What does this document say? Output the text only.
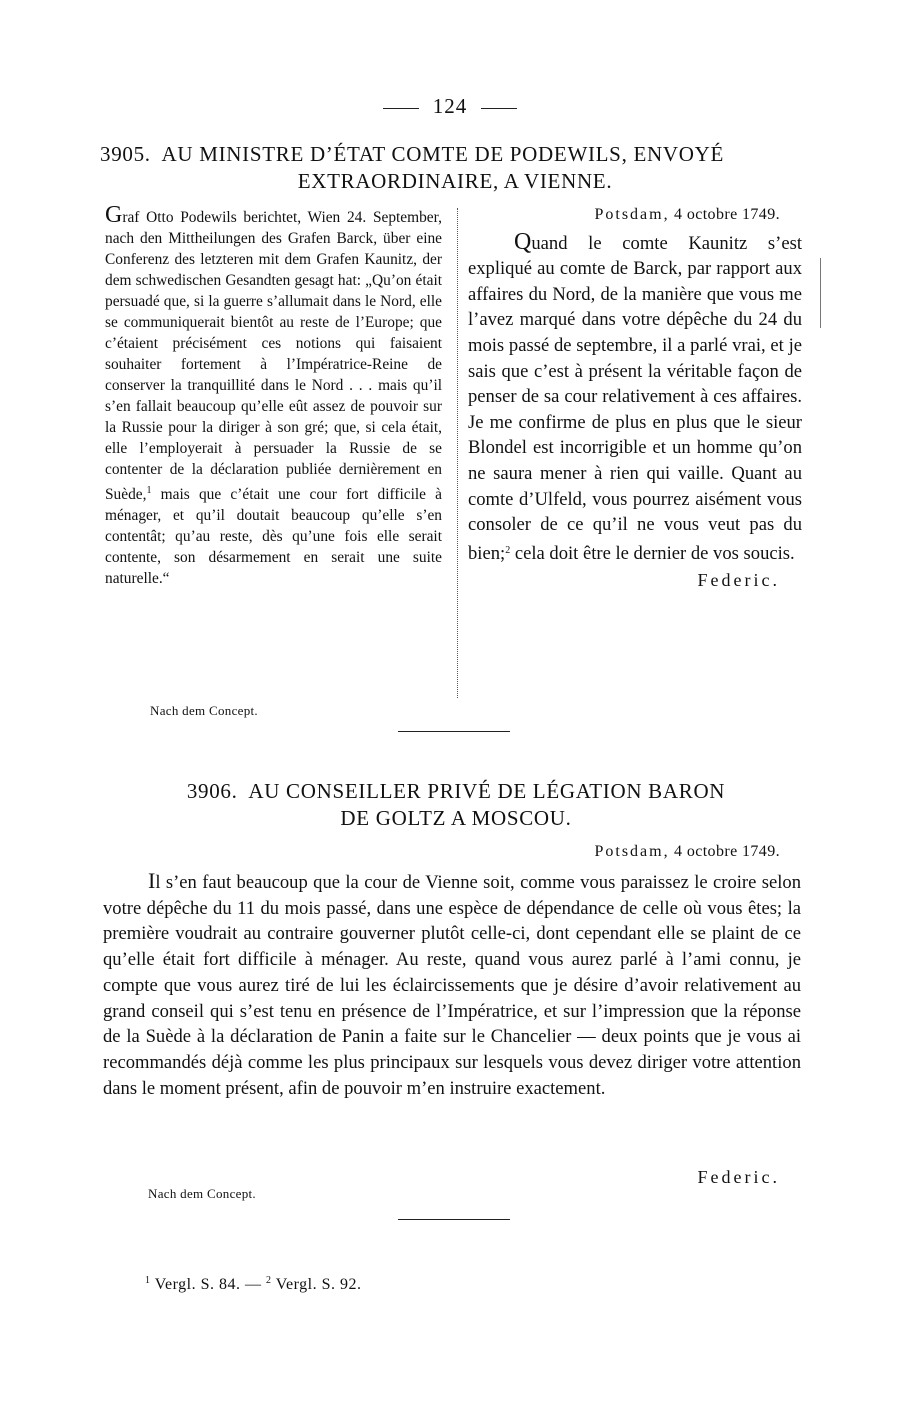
124
3905. AU MINISTRE D’ÉTAT COMTE DE PODEWILS, ENVOYÉ
EXTRAORDINAIRE, A VIENNE.

Graf Otto Podewils berichtet, Wien 24. September, nach den Mittheilungen des Grafen Barck, über eine Conferenz des letzteren mit dem Grafen Kaunitz, der dem schwedischen Gesandten gesagt hat: „Qu’on était persuadé que, si la guerre s’allumait dans le Nord, elle se communiquerait bientôt au reste de l’Europe; que c’étaient précisément ces notions qui faisaient souhaiter fortement à l’Impératrice-Reine de conserver la tranquillité dans le Nord . . . mais qu’il s’en fallait beaucoup qu’elle eût assez de pouvoir sur la Russie pour la diriger à son gré; que, si cela était, elle l’employerait à persuader la Russie de se contenter de la déclaration publiée dernièrement en Suède,$^1$ mais que c’était une cour fort difficile à ménager, et qu’il doutait beaucoup qu’elle s’en contentât; qu’au reste, dès qu’une fois elle serait contente, son désarmement en serait une suite naturelle.“

Potsdam, 4 octobre 1749.

Quand le comte Kaunitz s’est expliqué au comte de Barck, par rapport aux affaires du Nord, de la manière que vous me l’avez marqué dans votre dépêche du 24 du mois passé de septembre, il a parlé vrai, et je sais que c’est à présent la véritable façon de penser de sa cour relativement à ces affaires. Je me confirme de plus en plus que le sieur Blondel est incorrigible et un homme qu’on ne saura mener à rien qui vaille. Quant au comte d’Ulfeld, vous pourrez aisément vous consoler de ce qu’il ne vous veut pas du bien;$^2$ cela doit être le dernier de vos soucis.

Federic.
Nach dem Concept.
3906. AU CONSEILLER PRIVÉ DE LÉGATION BARON
DE GOLTZ A MOSCOU.
Potsdam, 4 octobre 1749.
Il s’en faut beaucoup que la cour de Vienne soit, comme vous paraissez le croire selon votre dépêche du 11 du mois passé, dans une espèce de dépendance de celle où vous êtes; la première voudrait au contraire gouverner plutôt celle-ci, dont cependant elle se plaint de ce qu’elle était fort difficile à ménager. Au reste, quand vous aurez parlé à l’ami connu, je compte que vous aurez tiré de lui les éclaircissements que je désire d’avoir relativement au grand conseil qui s’est tenu en présence de l’Impératrice, et sur l’impression que la réponse de la Suède à la déclaration de Panin a faite sur le Chancelier — deux points que je vous ai recommandés déjà comme les plus principaux sur lesquels vous devez diriger votre attention dans le moment présent, afin de pouvoir m’en instruire exactement.
Federic.
Nach dem Concept.
$^1$ Vergl. S. 84. — $^2$ Vergl. S. 92.
